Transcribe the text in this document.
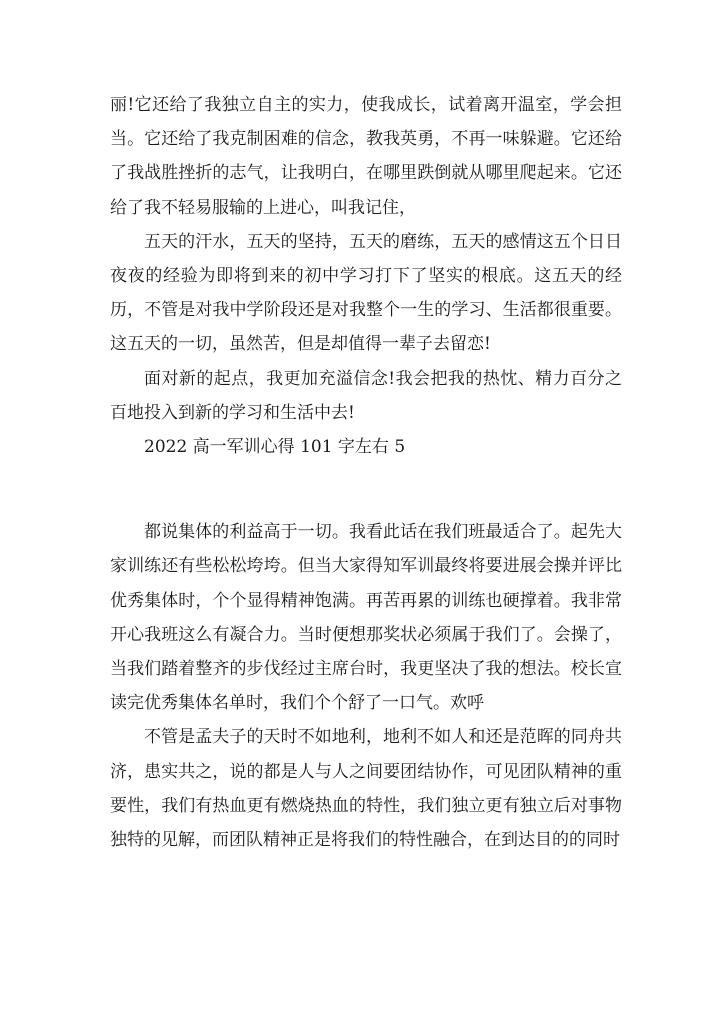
丽!它还给了我独立自主的实力，使我成长，试着离开温室，学会担当。它还给了我克制困难的信念，教我英勇，不再一味躲避。它还给了我战胜挫折的志气，让我明白，在哪里跌倒就从哪里爬起来。它还给了我不轻易服输的上进心，叫我记住，

五天的汗水，五天的坚持，五天的磨练，五天的感情这五个日日夜夜的经验为即将到来的初中学习打下了坚实的根底。这五天的经历，不管是对我中学阶段还是对我整个一生的学习、生活都很重要。这五天的一切，虽然苦，但是却值得一辈子去留恋!

面对新的起点，我更加充溢信念!我会把我的热忱、精力百分之百地投入到新的学习和生活中去!

2022 高一军训心得 101 字左右 5

都说集体的利益高于一切。我看此话在我们班最适合了。起先大家训练还有些松松垮垮。但当大家得知军训最终将要进展会操并评比优秀集体时，个个显得精神饱满。再苦再累的训练也硬撑着。我非常开心我班这么有凝合力。当时便想那奖状必须属于我们了。会操了，当我们踏着整齐的步伐经过主席台时，我更坚决了我的想法。校长宣读完优秀集体名单时，我们个个舒了一口气。欢呼

不管是孟夫子的天时不如地利，地利不如人和还是范晖的同舟共济，患实共之，说的都是人与人之间要团结协作，可见团队精神的重要性，我们有热血更有燃烧热血的特性，我们独立更有独立后对事物独特的见解，而团队精神正是将我们的特性融合，在到达目的的同时
